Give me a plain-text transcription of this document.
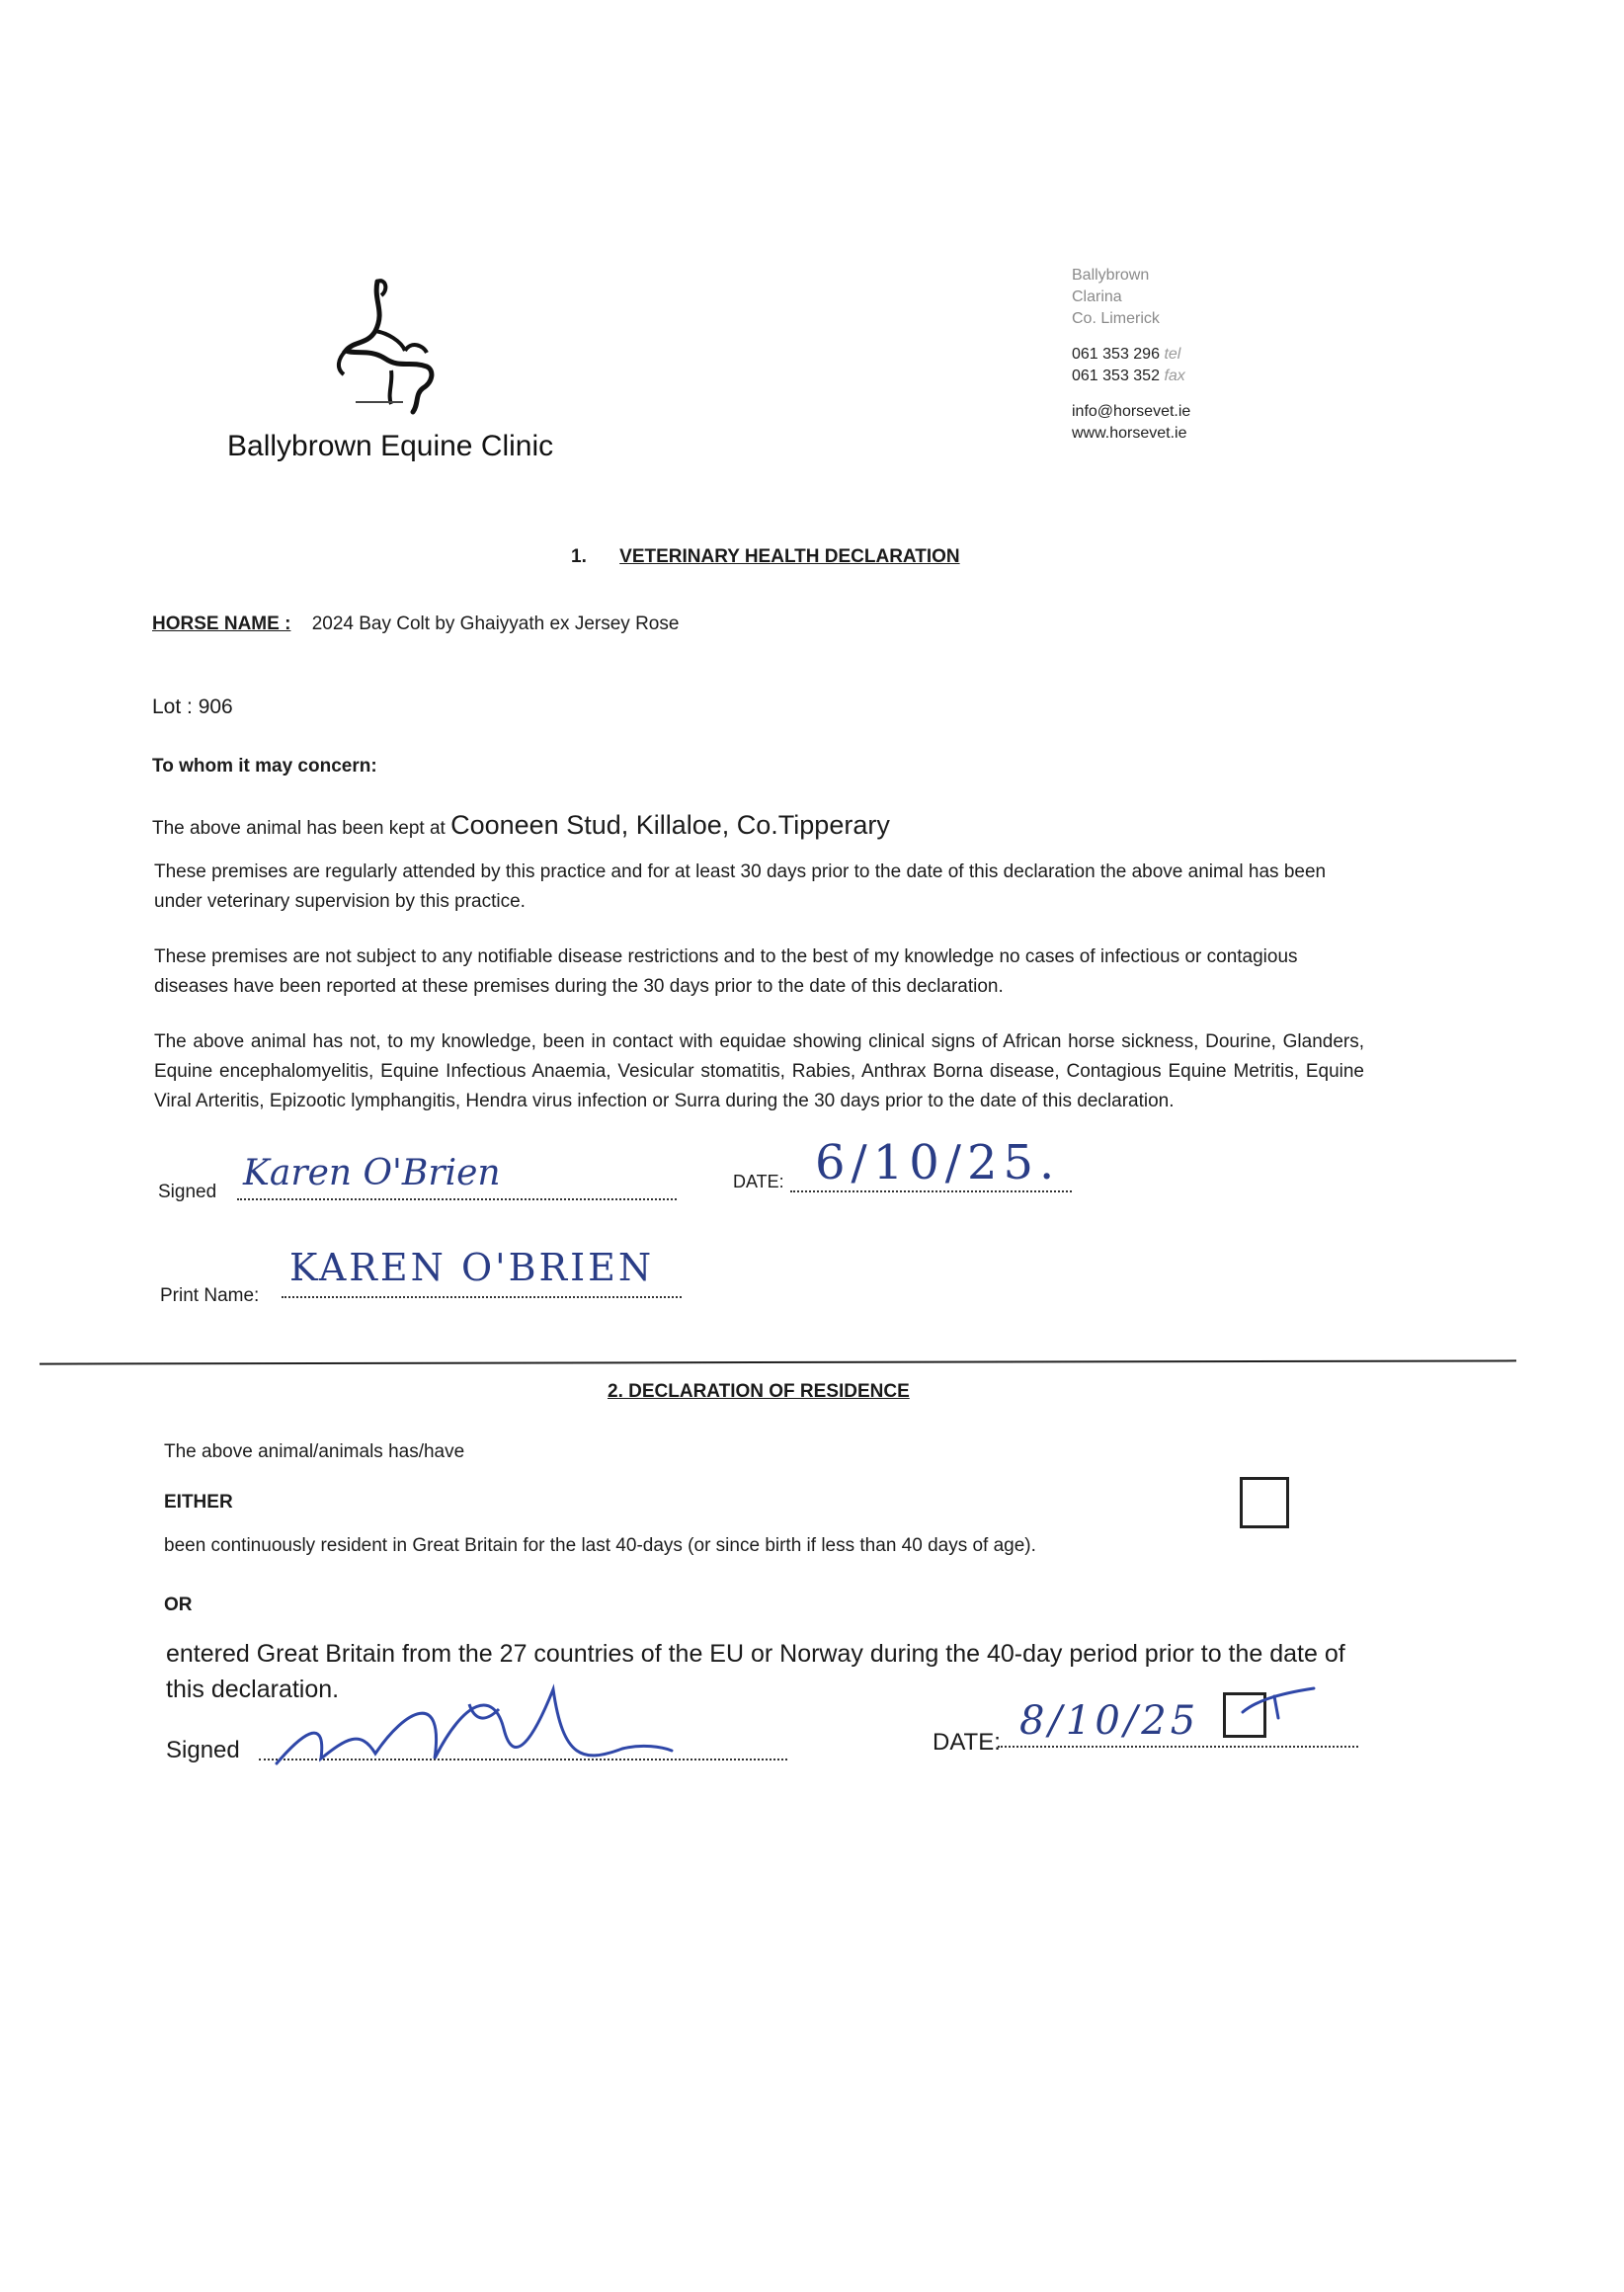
Ballybrown Equine Clinic
Ballybrown
Clarina
Co. Limerick
061 353 296 tel
061 353 352 fax
info@horsevet.ie
www.horsevet.ie
1. VETERINARY HEALTH DECLARATION
HORSE NAME : 2024 Bay Colt by Ghaiyyath ex Jersey Rose
Lot : 906
To whom it may concern:
The above animal has been kept at Cooneen Stud, Killaloe, Co.Tipperary
These premises are regularly attended by this practice and for at least 30 days prior to the date of this declaration the above animal has been under veterinary supervision by this practice.
These premises are not subject to any notifiable disease restrictions and to the best of my knowledge no cases of infectious or contagious diseases have been reported at these premises during the 30 days prior to the date of this declaration.
The above animal has not, to my knowledge, been in contact with equidae showing clinical signs of African horse sickness, Dourine, Glanders, Equine encephalomyelitis, Equine Infectious Anaemia, Vesicular stomatitis, Rabies, Anthrax Borna disease, Contagious Equine Metritis, Equine Viral Arteritis, Epizootic lymphangitis, Hendra virus infection or Surra during the 30 days prior to the date of this declaration.
Signed Karen O'Brien	DATE: 6/10/25.
Print Name:
KAREN O'BRIEN
2. DECLARATION OF RESIDENCE
The above animal/animals has/have
EITHER
been continuously resident in Great Britain for the last 40-days (or since birth if less than 40 days of age).
OR
entered Great Britain from the 27 countries of the EU or Norway during the 40-day period prior to the date of this declaration.
Signed	DATE: 8/10/25
